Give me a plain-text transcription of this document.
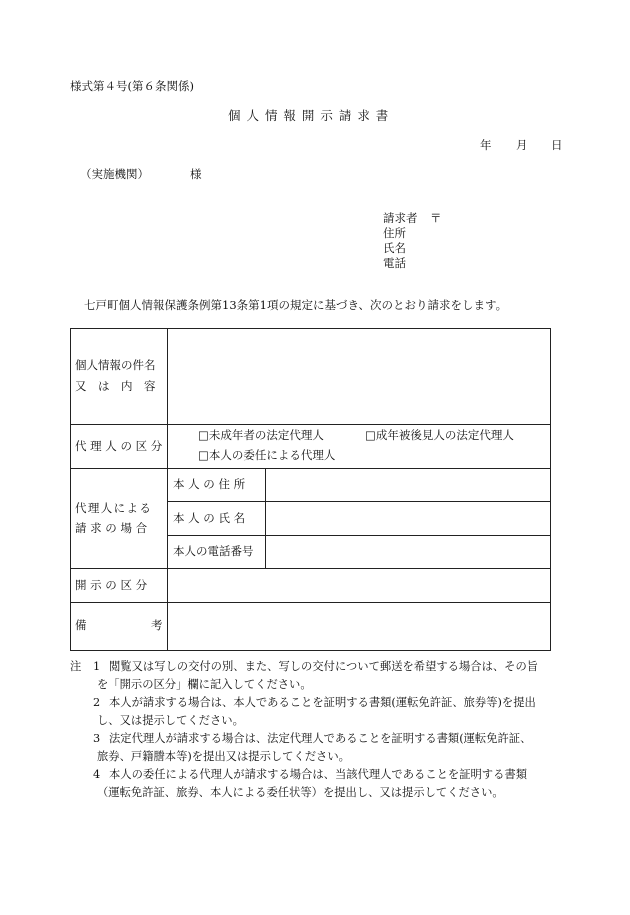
様式第４号(第６条関係)
個 人 情 報 開 示 請 求 書
年 月 日
（実施機関）	様
請求者 〒
住所
氏名
電話
七戸町個人情報保護条例第13条第1項の規定に基づき、次のとおり請求をします。
個人情報の件名
又　は　内　容		

代 理 人 の 区 分	□未成年者の法定代理人 □成年被後見人の法定代理人
□本人の委任による代理人	

代理人による
請 求 の 場 合	本 人 の 住 所	
	本 人 の 氏 名	
	本人の電話番号	
開 示 の 区 分		

備 考		

注 1 閲覧又は写しの交付の別、また、写しの交付について郵送を希望する場合は、その旨
を「開示の区分」欄に記入してください。
2 本人が請求する場合は、本人であることを証明する書類(運転免許証、旅券等)を提出
し、又は提示してください。
3 法定代理人が請求する場合は、法定代理人であることを証明する書類(運転免許証、
旅券、戸籍謄本等)を提出又は提示してください。
4 本人の委任による代理人が請求する場合は、当該代理人であることを証明する書類
（運転免許証、旅券、本人による委任状等）を提出し、又は提示してください。
